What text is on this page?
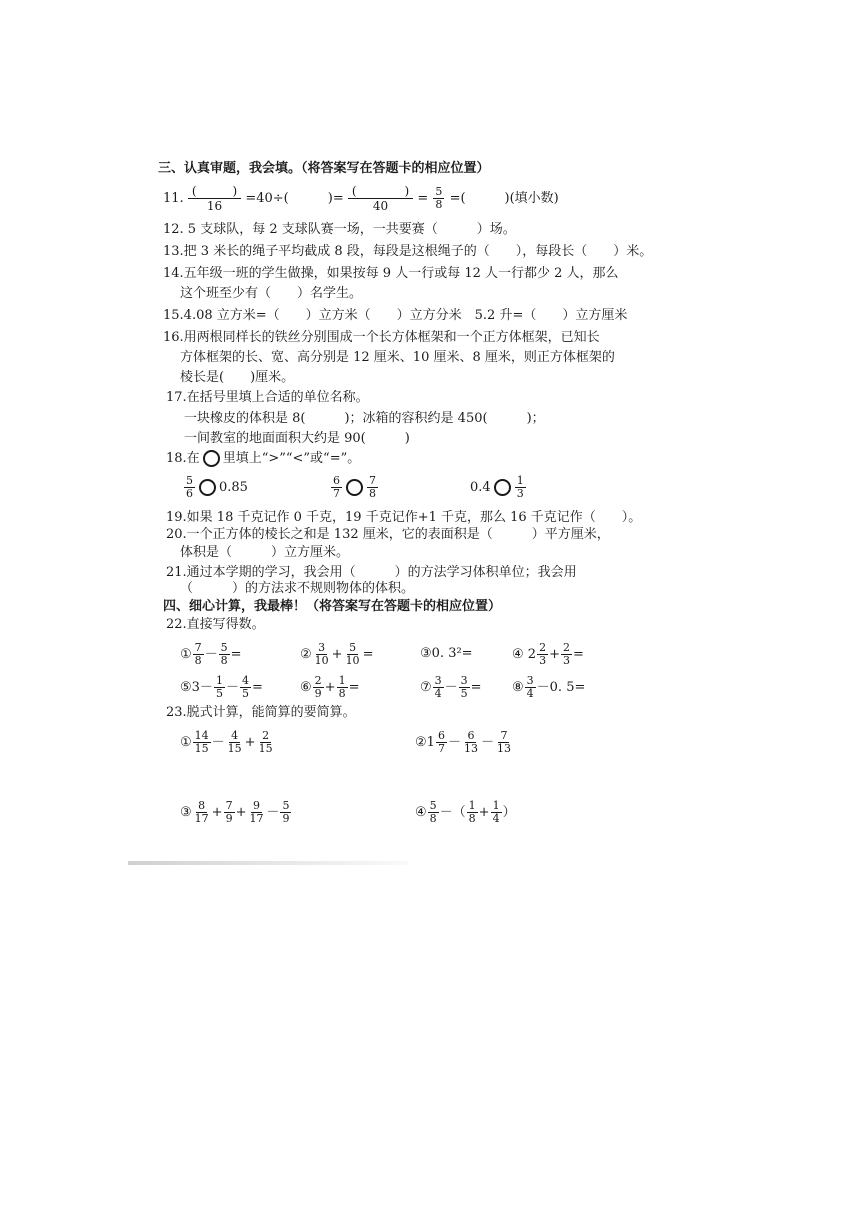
三、认真审题，我会填。（将答案写在答题卡的相应位置）
11. $\frac{( )}{16} =40\div$(　　　)= $\frac{( )}{40} = \frac{5}{8}$ =(　　　)(填小数)
12. 5 支球队，每 2 支球队赛一场，一共要赛（　　　）场。
13.把 3 米长的绳子平均截成 8 段，每段是这根绳子的（　　），每段长（　　）米。
14.五年级一班的学生做操，如果按每 9 人一行或每 12 人一行都少 2 人，那么
这个班至少有（　　）名学生。
15.4.08 立方米=（　　）立方米（　　）立方分米　5.2 升=（　　）立方厘米
16.用两根同样长的铁丝分别围成一个长方体框架和一个正方体框架，已知长
方体框架的长、宽、高分别是 12 厘米、10 厘米、8 厘米，则正方体框架的
棱长是(　　)厘米。
17.在括号里填上合适的单位名称。
一块橡皮的体积是 8(　　　)；冰箱的容积约是 450(　　　)；
一间教室的地面面积大约是 90(　　　)
18.在 里填上“>”“<”或“=”。
$\frac{5}{6} 0.85$	$\frac{6}{7} \frac{7}{8}$	$0.4 \frac{1}{3}$
19.如果 18 千克记作 0 千克，19 千克记作+1 千克，那么 16 千克记作（　　）。
20.一个正方体的棱长之和是 132 厘米，它的表面积是（　　　）平方厘米，
体积是（　　　）立方厘米。
21.通过本学期的学习，我会用（　　　）的方法学习体积单位；我会用
（　　　）的方法求不规则物体的体积。
四、细心计算，我最棒！（将答案写在答题卡的相应位置）
22.直接写得数。
① $\frac{7}{8} - \frac{5}{8}$ =	② $\frac{3}{10} + \frac{5}{10}$ =	③0. 3²=	④ $2 \frac{2}{3} + \frac{2}{3}$ =
⑤3－ $\frac{1}{5} - \frac{4}{5}$ =	⑥ $\frac{2}{9} + \frac{1}{8}$ =	⑦ $\frac{3}{4} - \frac{3}{5}$ = ⑧ $\frac{3}{4} -0$. 5=
23.脱式计算，能简算的要简算。
① $\frac{14}{15} - \frac{4}{15} + \frac{2}{15}$	②1 $\frac{6}{7} - \frac{6}{13} - \frac{7}{13}$
③ $\frac{8}{17} + \frac{7}{9} + \frac{9}{17} - \frac{5}{9}$	④ $\frac{5}{8}$ －（ $\frac{1}{8} + \frac{1}{4}$ ）
